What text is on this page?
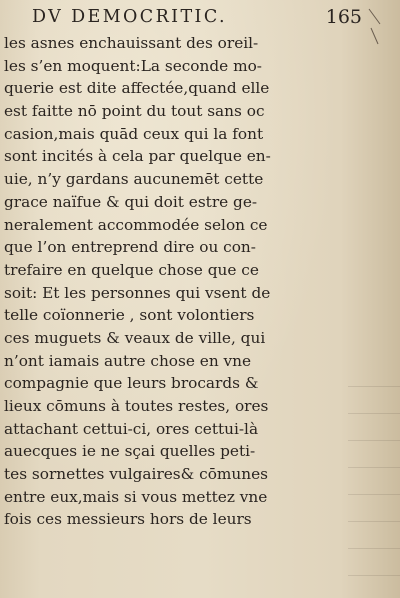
DV DEMOCRITIC.	165
les asnes enchauissant des oreil-
les s’en moquent:La seconde mo-
querie est dite affectée,quand elle
est faitte nō point du tout sans oc
casion,mais quād ceux qui la font
sont incités à cela par quelque en-
uie, n’y gardans aucunemēt cette
grace naïfue & qui doit estre ge-
neralement accommodée selon ce
que l’on entreprend dire ou con-
trefaire en quelque chose que ce
soit: Et les personnes qui vsent de
telle coïonnerie , sont volontiers
ces muguets & veaux de ville, qui
n’ont iamais autre chose en vne
compagnie que leurs brocards &
lieux cōmuns à toutes restes, ores
attachant cettui-ci, ores cettui-là
auecques ie ne sçai quelles peti-
tes sornettes vulgaires& cōmunes
entre eux,mais si vous mettez vne
fois ces messieurs hors de leurs
